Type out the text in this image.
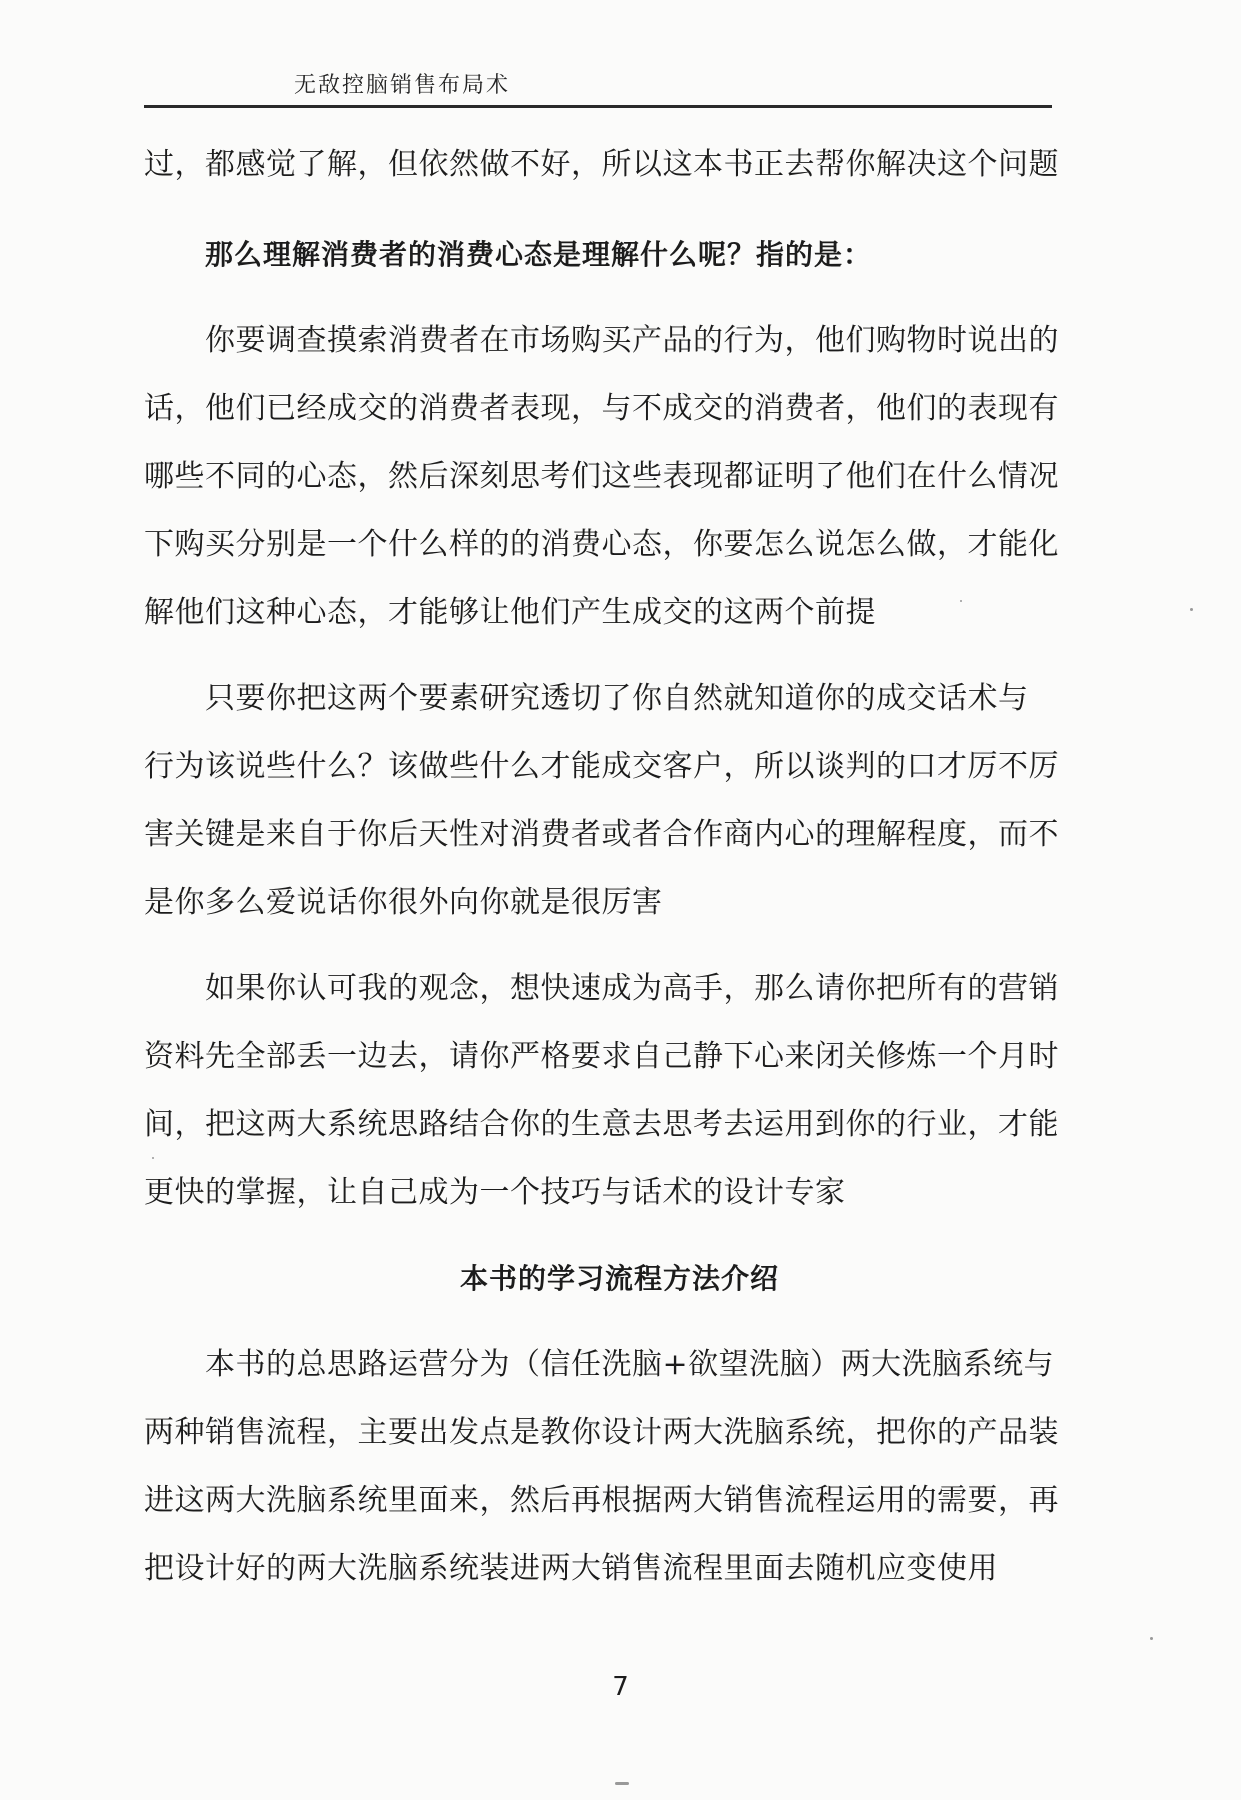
无敌控脑销售布局术
过，都感觉了解，但依然做不好，所以这本书正去帮你解决这个问题
那么理解消费者的消费心态是理解什么呢？指的是：
你要调查摸索消费者在市场购买产品的行为，他们购物时说出的
话，他们已经成交的消费者表现，与不成交的消费者，他们的表现有
哪些不同的心态，然后深刻思考们这些表现都证明了他们在什么情况
下购买分别是一个什么样的的消费心态，你要怎么说怎么做，才能化
解他们这种心态，才能够让他们产生成交的这两个前提
只要你把这两个要素研究透切了你自然就知道你的成交话术与
行为该说些什么？该做些什么才能成交客户，所以谈判的口才厉不厉
害关键是来自于你后天性对消费者或者合作商内心的理解程度，而不
是你多么爱说话你很外向你就是很厉害
如果你认可我的观念，想快速成为高手，那么请你把所有的营销
资料先全部丢一边去，请你严格要求自己静下心来闭关修炼一个月时
间，把这两大系统思路结合你的生意去思考去运用到你的行业，才能
更快的掌握，让自己成为一个技巧与话术的设计专家
本书的学习流程方法介绍
本书的总思路运营分为（信任洗脑+欲望洗脑）两大洗脑系统与
两种销售流程，主要出发点是教你设计两大洗脑系统，把你的产品装
进这两大洗脑系统里面来，然后再根据两大销售流程运用的需要，再
把设计好的两大洗脑系统装进两大销售流程里面去随机应变使用
7
